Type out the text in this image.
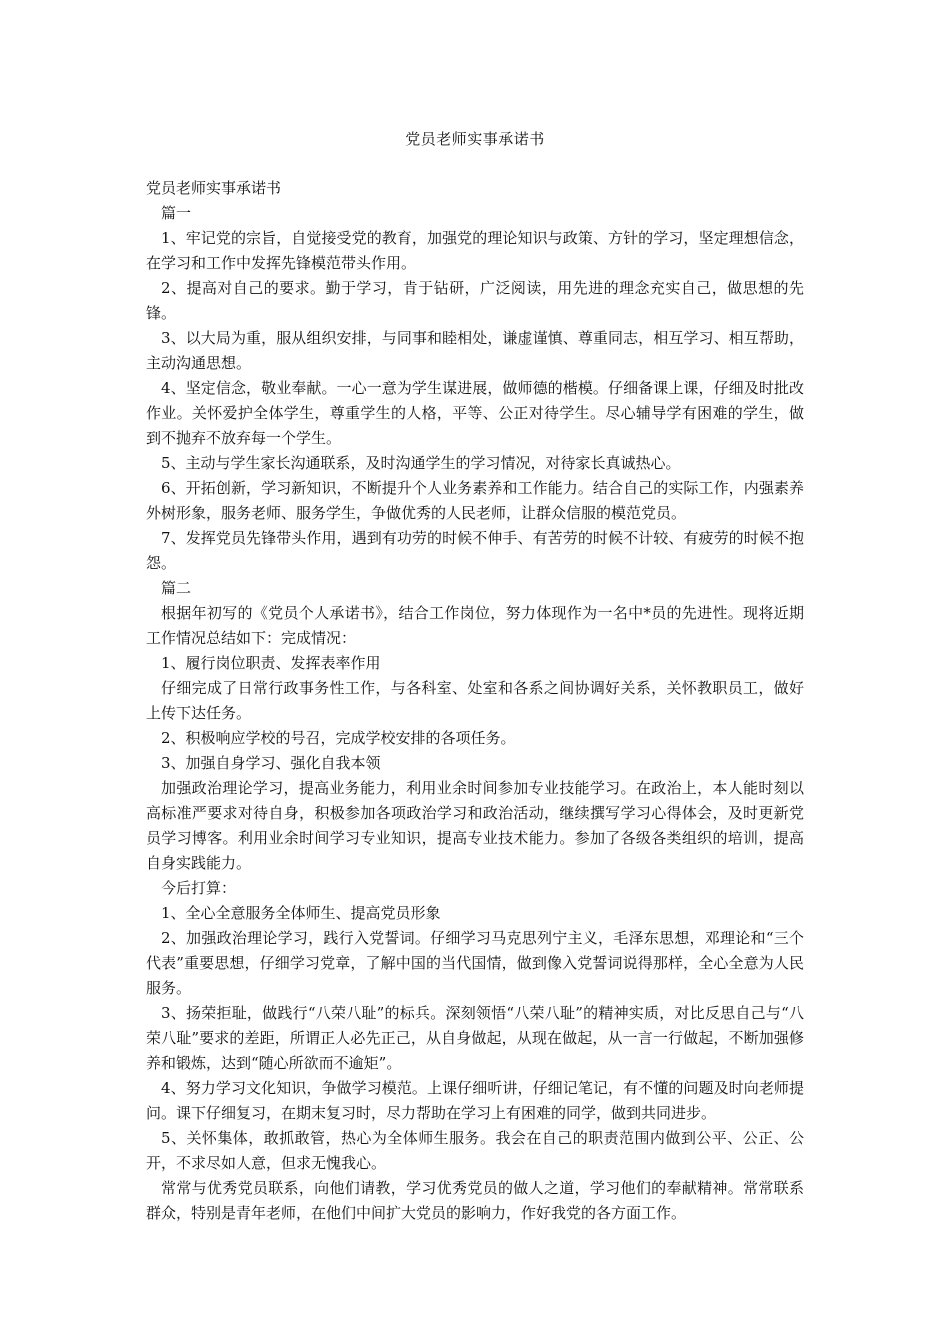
党员老师实事承诺书

党员老师实事承诺书

篇一

1、牢记党的宗旨，自觉接受党的教育，加强党的理论知识与政策、方针的学习，坚定理想信念，在学习和工作中发挥先锋模范带头作用。

2、提高对自己的要求。勤于学习，肯于钻研，广泛阅读，用先进的理念充实自己，做思想的先锋。

3、以大局为重，服从组织安排，与同事和睦相处，谦虚谨慎、尊重同志，相互学习、相互帮助，主动沟通思想。

4、坚定信念，敬业奉献。一心一意为学生谋进展，做师德的楷模。仔细备课上课，仔细及时批改作业。关怀爱护全体学生，尊重学生的人格，平等、公正对待学生。尽心辅导学有困难的学生，做到不抛弃不放弃每一个学生。

5、主动与学生家长沟通联系，及时沟通学生的学习情况，对待家长真诚热心。

6、开拓创新，学习新知识，不断提升个人业务素养和工作能力。结合自己的实际工作，内强素养外树形象，服务老师、服务学生，争做优秀的人民老师，让群众信服的模范党员。

7、发挥党员先锋带头作用，遇到有功劳的时候不伸手、有苦劳的时候不计较、有疲劳的时候不抱怨。

篇二

根据年初写的《党员个人承诺书》，结合工作岗位，努力体现作为一名中*员的先进性。现将近期工作情况总结如下：完成情况：

1、履行岗位职责、发挥表率作用

仔细完成了日常行政事务性工作，与各科室、处室和各系之间协调好关系，关怀教职员工，做好上传下达任务。

2、积极响应学校的号召，完成学校安排的各项任务。

3、加强自身学习、强化自我本领

加强政治理论学习，提高业务能力，利用业余时间参加专业技能学习。在政治上，本人能时刻以高标准严要求对待自身，积极参加各项政治学习和政治活动，继续撰写学习心得体会，及时更新党员学习博客。利用业余时间学习专业知识，提高专业技术能力。参加了各级各类组织的培训，提高自身实践能力。

今后打算：

1、全心全意服务全体师生、提高党员形象

2、加强政治理论学习，践行入党誓词。仔细学习马克思列宁主义，毛泽东思想，邓理论和“三个代表”重要思想，仔细学习党章，了解中国的当代国情，做到像入党誓词说得那样，全心全意为人民服务。

3、扬荣拒耻，做践行“八荣八耻”的标兵。深刻领悟“八荣八耻”的精神实质，对比反思自己与“八荣八耻”要求的差距，所谓正人必先正己，从自身做起，从现在做起，从一言一行做起，不断加强修养和锻炼，达到“随心所欲而不逾矩”。

4、努力学习文化知识，争做学习模范。上课仔细听讲，仔细记笔记，有不懂的问题及时向老师提问。课下仔细复习，在期末复习时，尽力帮助在学习上有困难的同学，做到共同进步。

5、关怀集体，敢抓敢管，热心为全体师生服务。我会在自己的职责范围内做到公平、公正、公开，不求尽如人意，但求无愧我心。

常常与优秀党员联系，向他们请教，学习优秀党员的做人之道，学习他们的奉献精神。常常联系群众，特别是青年老师，在他们中间扩大党员的影响力，作好我党的各方面工作。
